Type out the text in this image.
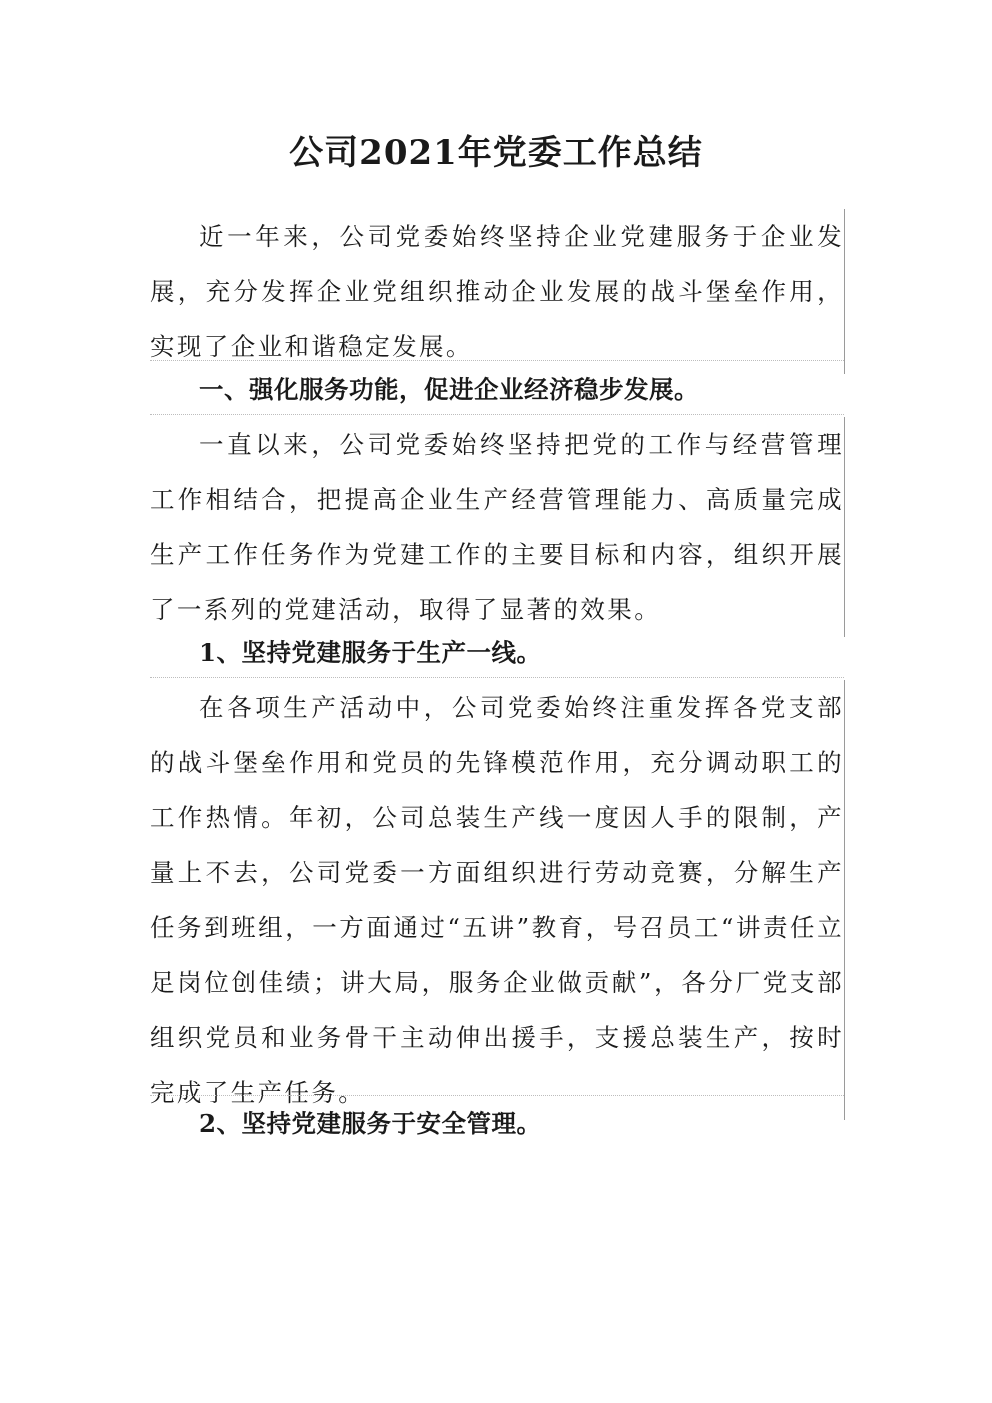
公司2021年党委工作总结
近一年来，公司党委始终坚持企业党建服务于企业发展，充分发挥企业党组织推动企业发展的战斗堡垒作用，实现了企业和谐稳定发展。
一、强化服务功能，促进企业经济稳步发展。
一直以来，公司党委始终坚持把党的工作与经营管理工作相结合，把提高企业生产经营管理能力、高质量完成生产工作任务作为党建工作的主要目标和内容，组织开展了一系列的党建活动，取得了显著的效果。
1、坚持党建服务于生产一线。
在各项生产活动中，公司党委始终注重发挥各党支部的战斗堡垒作用和党员的先锋模范作用，充分调动职工的工作热情。年初，公司总装生产线一度因人手的限制，产量上不去，公司党委一方面组织进行劳动竞赛，分解生产任务到班组，一方面通过“五讲”教育，号召员工“讲责任立足岗位创佳绩；讲大局，服务企业做贡献”，各分厂党支部组织党员和业务骨干主动伸出援手，支援总装生产，按时完成了生产任务。
2、坚持党建服务于安全管理。
